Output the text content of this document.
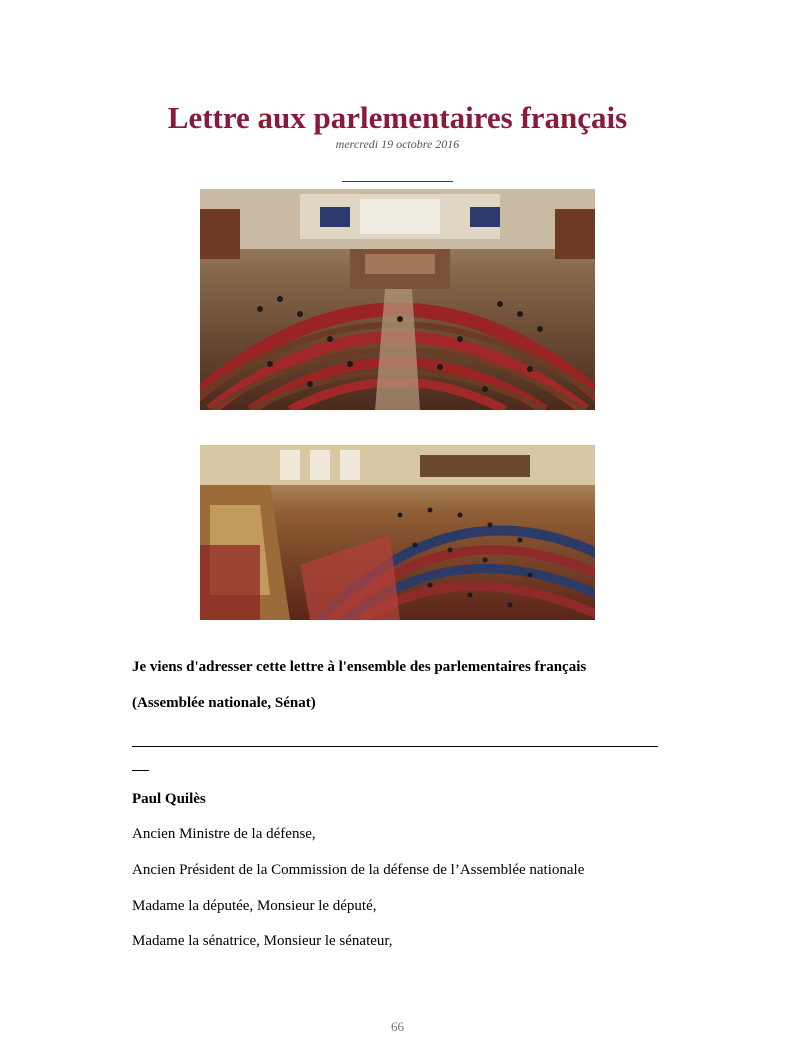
Lettre aux parlementaires français
mercredi 19 octobre 2016
Je viens d'adresser cette lettre à l'ensemble des parlementaires français
(Assemblée nationale, Sénat)
Paul Quilès
Ancien Ministre de la défense,
Ancien Président de la Commission de la défense de l’Assemblée nationale
Madame la députée, Monsieur le député,
Madame la sénatrice, Monsieur le sénateur,
66
